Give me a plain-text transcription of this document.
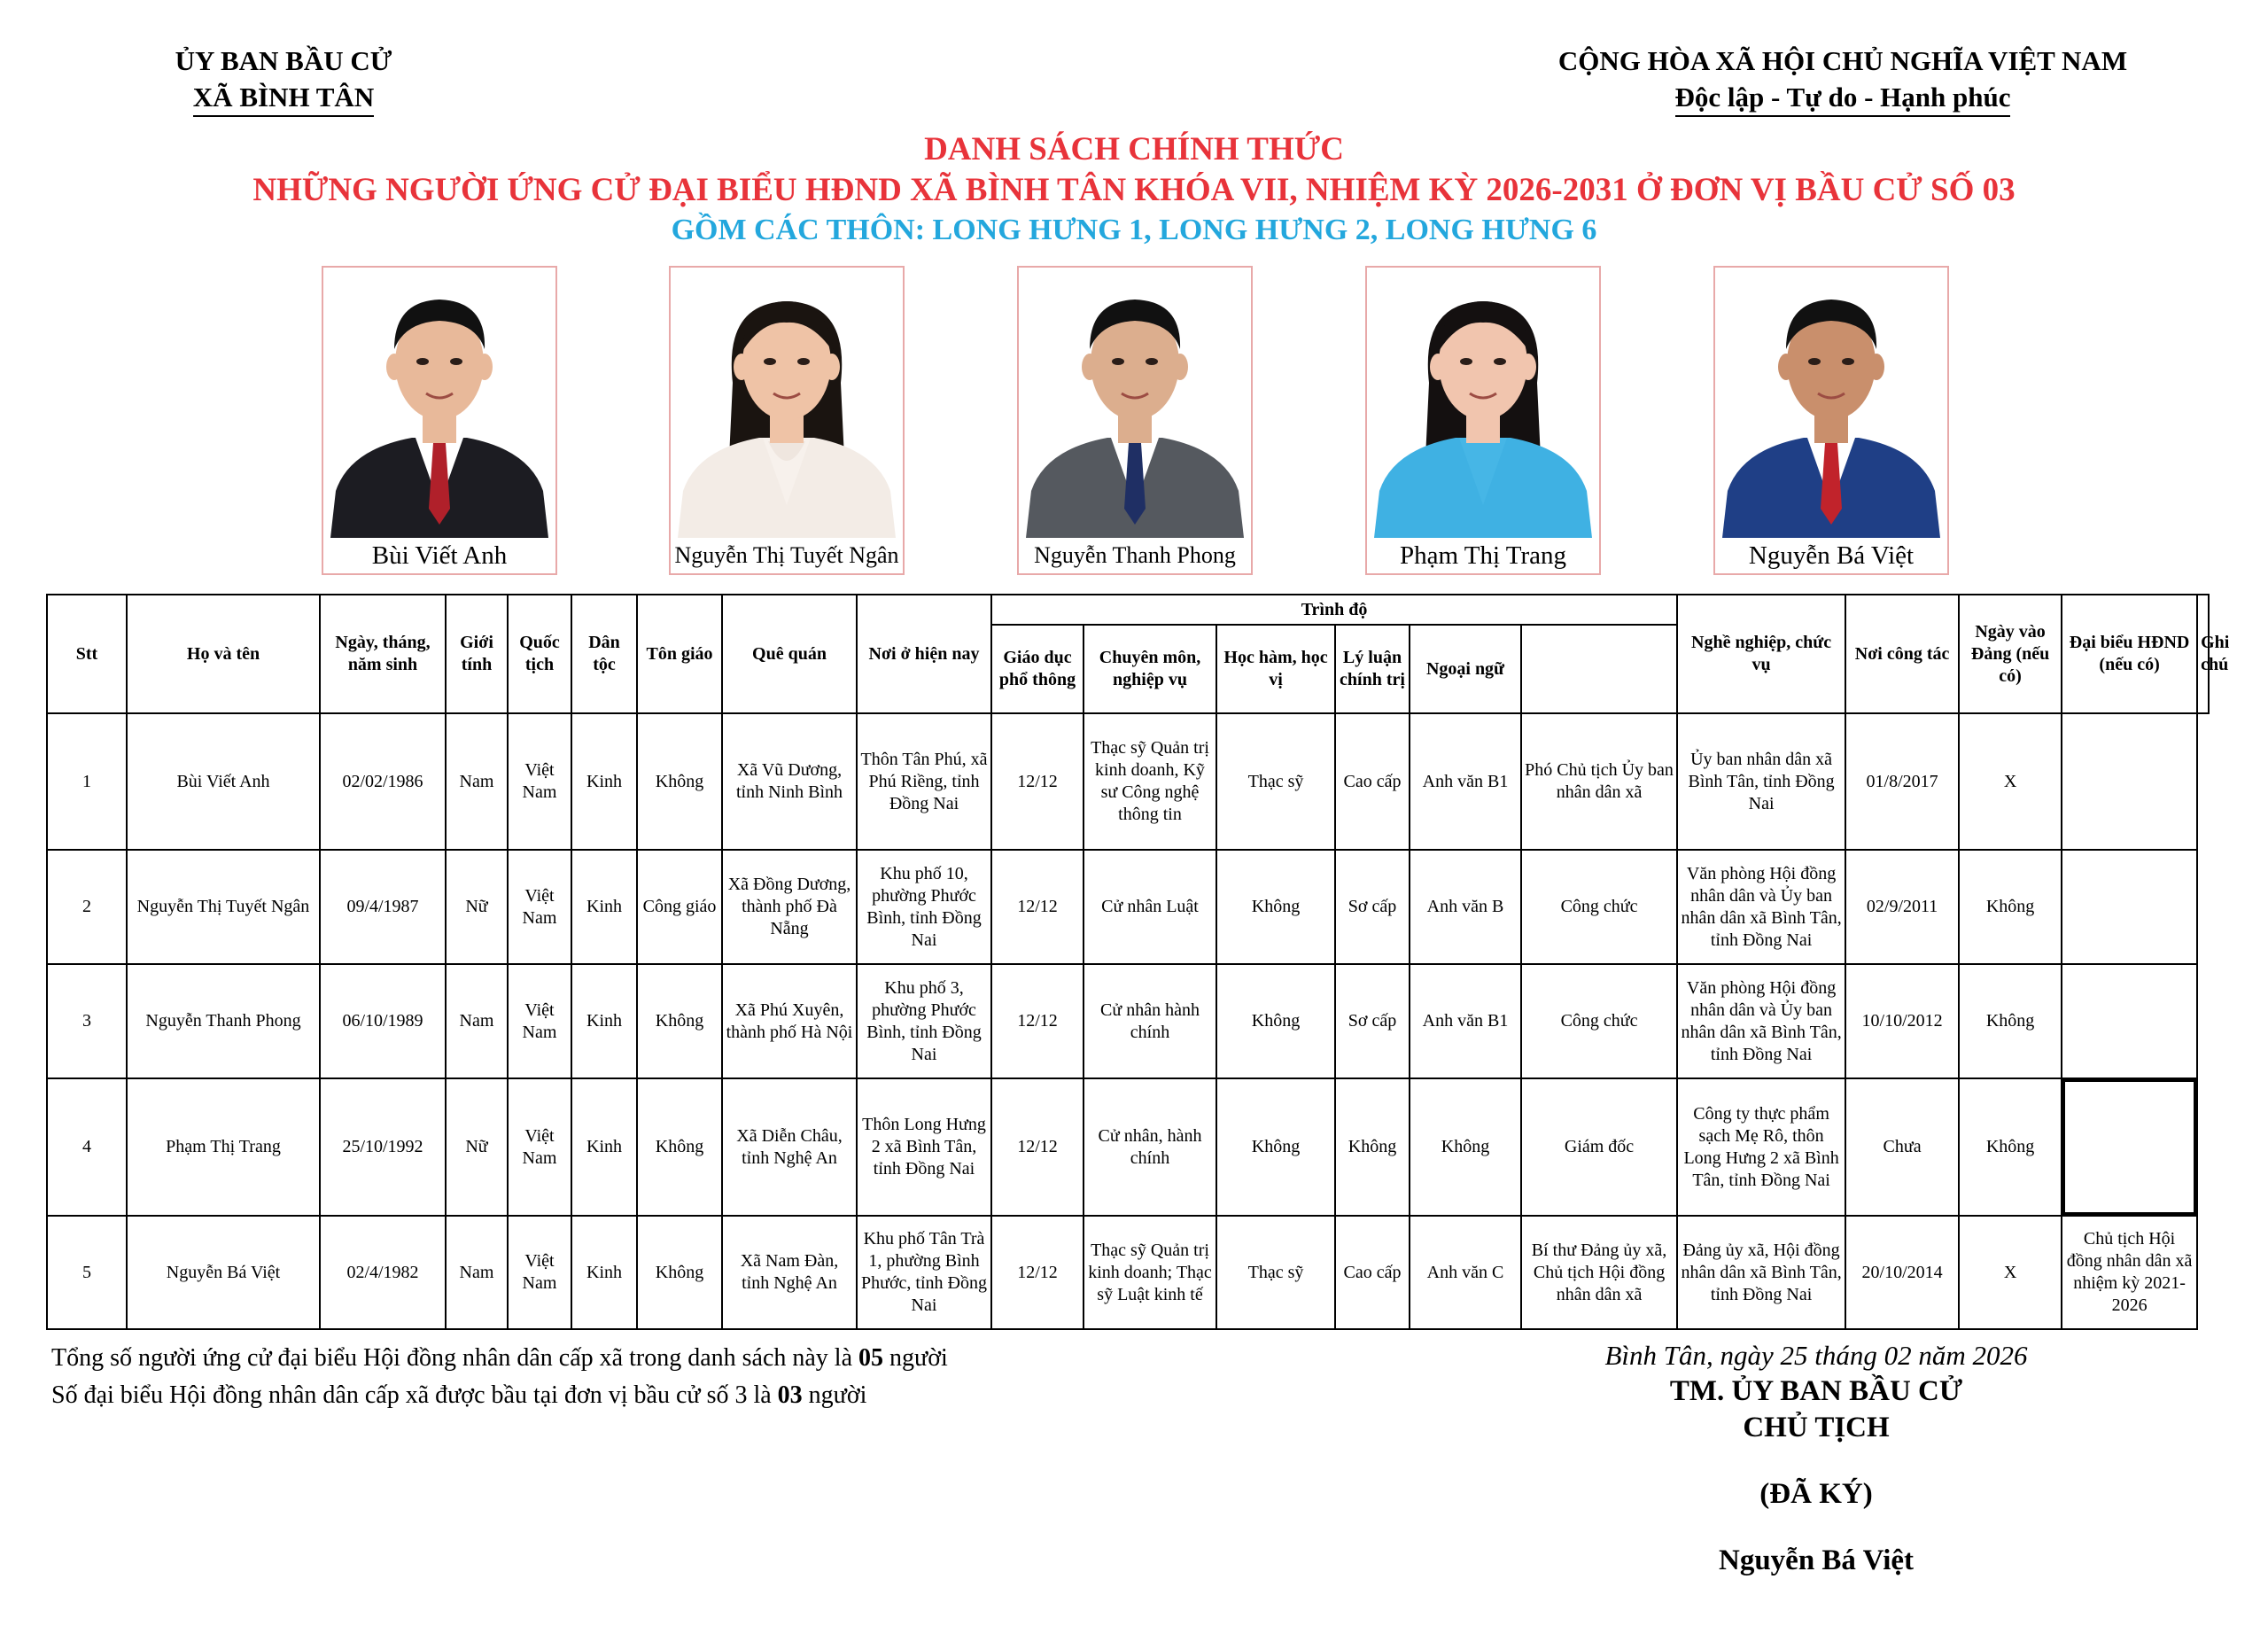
ỦY BAN BẦU CỬ
XÃ BÌNH TÂN
CỘNG HÒA XÃ HỘI CHỦ NGHĨA VIỆT NAM
Độc lập - Tự do - Hạnh phúc
DANH SÁCH CHÍNH THỨC
NHỮNG NGƯỜI ỨNG CỬ ĐẠI BIỂU HĐND XÃ BÌNH TÂN KHÓA VII, NHIỆM KỲ 2026-2031 Ở ĐƠN VỊ BẦU CỬ SỐ 03
GỒM CÁC THÔN: LONG HƯNG 1, LONG HƯNG 2, LONG HƯNG 6
Bùi Viết Anh	Nguyễn Thị Tuyết Ngân	Nguyễn Thanh Phong	Phạm Thị Trang	Nguyễn Bá Việt
Stt	Họ và tên	Ngày, tháng, năm sinh	Giới tính	Quốc tịch	Dân tộc	Tôn giáo	Quê quán	Nơi ở hiện nay	Trình độ						Nghề nghiệp, chức vụ	Nơi công tác	Ngày vào Đảng (nếu có)	Đại biểu HĐND (nếu có)	Ghi chú
									Giáo dục phổ thông	Chuyên môn, nghiệp vụ	Học hàm, học vị	Lý luận chính trị	Ngoại ngữ						
1	Bùi Viết Anh	02/02/1986	Nam	Việt Nam	Kinh	Không	Xã Vũ Dương, tỉnh Ninh Bình	Thôn Tân Phú, xã Phú Riềng, tỉnh Đồng Nai	12/12	Thạc sỹ Quản trị kinh doanh, Kỹ sư Công nghệ thông tin	Thạc sỹ	Cao cấp	Anh văn B1	Phó Chủ tịch Ủy ban nhân dân xã	Ủy ban nhân dân xã Bình Tân, tỉnh Đồng Nai	01/8/2017	X		
2	Nguyễn Thị Tuyết Ngân	09/4/1987	Nữ	Việt Nam	Kinh	Công giáo	Xã Đồng Dương, thành phố Đà Nẵng	Khu phố 10, phường Phước Bình, tỉnh Đồng Nai	12/12	Cử nhân Luật	Không	Sơ cấp	Anh văn B	Công chức	Văn phòng Hội đồng nhân dân và Ủy ban nhân dân xã Bình Tân, tỉnh Đồng Nai	02/9/2011	Không		
3	Nguyễn Thanh Phong	06/10/1989	Nam	Việt Nam	Kinh	Không	Xã Phú Xuyên, thành phố Hà Nội	Khu phố 3, phường Phước Bình, tỉnh Đồng Nai	12/12	Cử nhân hành chính	Không	Sơ cấp	Anh văn B1	Công chức	Văn phòng Hội đồng nhân dân và Ủy ban nhân dân xã Bình Tân, tỉnh Đồng Nai	10/10/2012	Không		
4	Phạm Thị Trang	25/10/1992	Nữ	Việt Nam	Kinh	Không	Xã Diễn Châu, tỉnh Nghệ An	Thôn Long Hưng 2 xã Bình Tân, tỉnh Đồng Nai	12/12	Cử nhân, hành chính	Không	Không	Không	Giám đốc	Công ty thực phẩm sạch Mẹ Rô, thôn Long Hưng 2 xã Bình Tân, tỉnh Đồng Nai	Chưa	Không		
5	Nguyễn Bá Việt	02/4/1982	Nam	Việt Nam	Kinh	Không	Xã Nam Đàn, tỉnh Nghệ An	Khu phố Tân Trà 1, phường Bình Phước, tỉnh Đồng Nai	12/12	Thạc sỹ Quản trị kinh doanh; Thạc sỹ Luật kinh tế	Thạc sỹ	Cao cấp	Anh văn C	Bí thư Đảng ủy xã, Chủ tịch Hội đồng nhân dân xã	Đảng ủy xã, Hội đồng nhân dân xã Bình Tân, tỉnh Đồng Nai	20/10/2014	X	Chủ tịch Hội đồng nhân dân xã nhiệm kỳ 2021-2026	
Tổng số người ứng cử đại biểu Hội đồng nhân dân cấp xã trong danh sách này là 05 người
Số đại biểu Hội đồng nhân dân cấp xã được bầu tại đơn vị bầu cử số 3 là 03 người
Bình Tân, ngày 25 tháng 02 năm 2026
TM. ỦY BAN BẦU CỬ
CHỦ TỊCH
(ĐÃ KÝ)
Nguyễn Bá Việt
